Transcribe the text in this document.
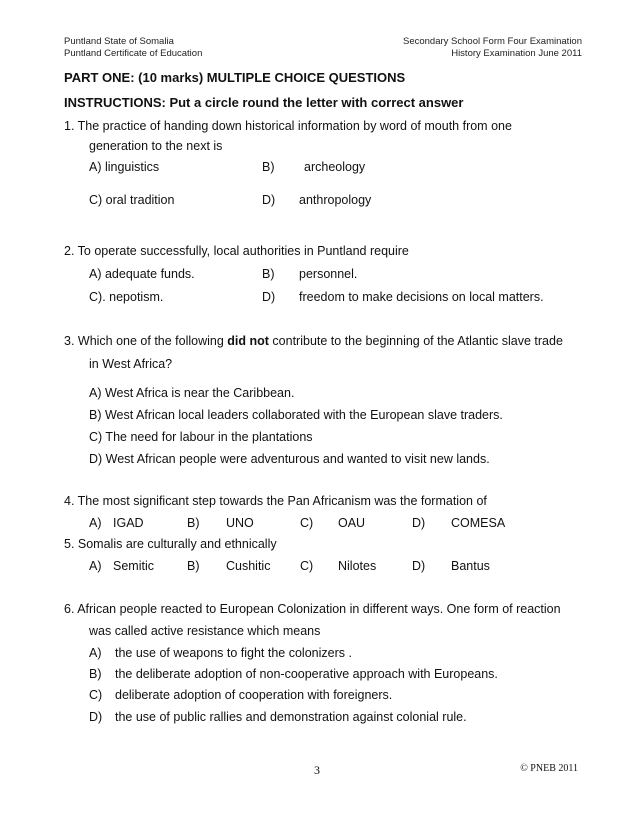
Puntland State of Somalia
Puntland Certificate of Education
Secondary School Form Four Examination
History Examination June 2011
PART ONE: (10 marks) MULTIPLE CHOICE QUESTIONS
INSTRUCTIONS: Put a circle round the letter with correct answer
1. The practice of handing down historical information by word of mouth from one
generation to the next is
A) linguistics	B) archeology
C) oral tradition	D) anthropology
2. To operate successfully, local authorities in Puntland require
A) adequate funds.	B) personnel.
C). nepotism.	D) freedom to make decisions on local matters.
3. Which one of the following did not contribute to the beginning of the Atlantic slave trade
in West Africa?
A) West Africa is near the Caribbean.
B) West African local leaders collaborated with the European slave traders.
C) The need for labour in the plantations
D) West African people were adventurous and wanted to visit new lands.
4. The most significant step towards the Pan Africanism was the formation of
A) IGAD	B) UNO	C) OAU	D) COMESA
5. Somalis are culturally and ethnically
A) Semitic	B) Cushitic C) Nilotes	D) Bantus
6. African people reacted to European Colonization in different ways. One form of reaction
was called active resistance which means
A) the use of weapons to fight the colonizers .
B) the deliberate adoption of non-cooperative approach with Europeans.
C) deliberate adoption of cooperation with foreigners.
D) the use of public rallies and demonstration against colonial rule.
3	© PNEB 2011
